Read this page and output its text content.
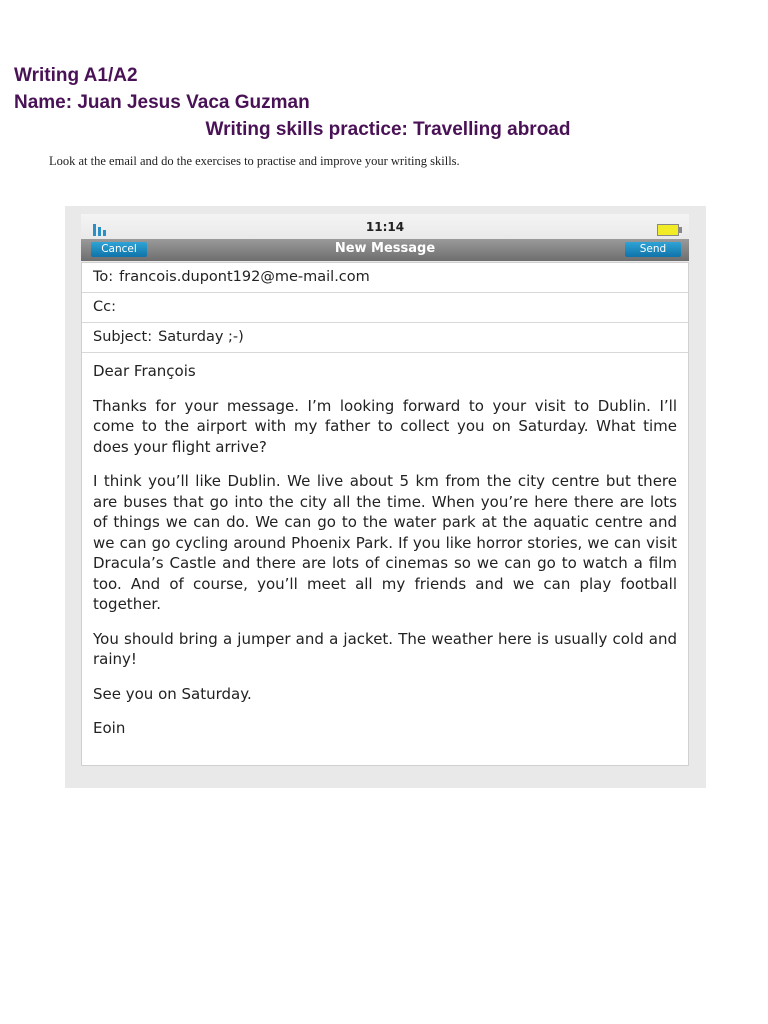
Writing A1/A2
Name: Juan Jesus Vaca Guzman
Writing skills practice: Travelling abroad
Look at the email and do the exercises to practise and improve your writing skills.
11:14
Cancel	New Message	Send
To: francois.dupont192@me-mail.com
Cc:
Subject: Saturday ;-)

Dear François

Thanks for your message. I’m looking forward to your visit to Dublin. I’ll come to the airport with my father to collect you on Saturday. What time does your flight arrive?

I think you’ll like Dublin. We live about 5 km from the city centre but there are buses that go into the city all the time. When you’re here there are lots of things we can do. We can go to the water park at the aquatic centre and we can go cycling around Phoenix Park. If you like horror stories, we can visit Dracula’s Castle and there are lots of cinemas so we can go to watch a film too. And of course, you’ll meet all my friends and we can play football together.

You should bring a jumper and a jacket. The weather here is usually cold and rainy!

See you on Saturday.

Eoin
